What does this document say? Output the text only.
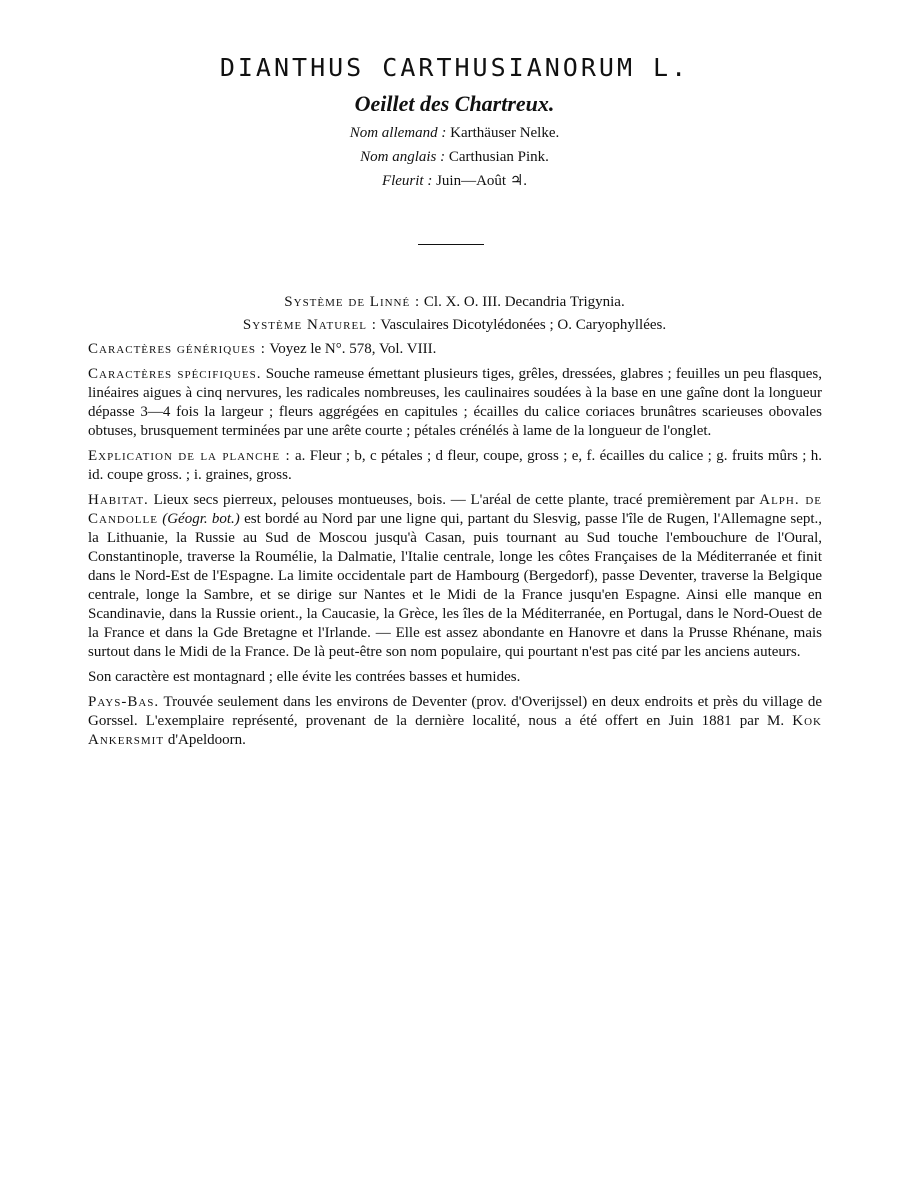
DIANTHUS CARTHUSIANORUM L.
Oeillet des Chartreux.
Nom allemand : Karthäuser Nelke.
Nom anglais : Carthusian Pink.
Fleurit : Juin—Août ♃.
Système de Linné : Cl. X. O. III. Decandria Trigynia.
Système Naturel : Vasculaires Dicotylédonées ; O. Caryophyllées.

Caractères génériques : Voyez le N°. 578, Vol. VIII.

Caractères spécifiques. Souche rameuse émettant plusieurs tiges, grêles, dressées, glabres ; feuilles un peu flasques, linéaires aigues à cinq nervures, les radicales nombreuses, les caulinaires soudées à la base en une gaîne dont la longueur dépasse 3—4 fois la largeur ; fleurs aggrégées en capitules ; écailles du calice coriaces brunâtres scarieuses obovales obtuses, brusquement terminées par une arête courte ; pétales crénélés à lame de la longueur de l'onglet.

Explication de la planche : a. Fleur ; b, c pétales ; d fleur, coupe, gross ; e, f. écailles du calice ; g. fruits mûrs ; h. id. coupe gross. ; i. graines, gross.

Habitat. Lieux secs pierreux, pelouses montueuses, bois. — L'aréal de cette plante, tracé premièrement par Alph. de Candolle (Géogr. bot.) est bordé au Nord par une ligne qui, partant du Slesvig, passe l'île de Rugen, l'Allemagne sept., la Lithuanie, la Russie au Sud de Moscou jusqu'à Casan, puis tournant au Sud touche l'embouchure de l'Oural, Constantinople, traverse la Roumélie, la Dalmatie, l'Italie centrale, longe les côtes Françaises de la Méditerranée et finit dans le Nord-Est de l'Espagne. La limite occidentale part de Hambourg (Bergedorf), passe Deventer, traverse la Belgique centrale, longe la Sambre, et se dirige sur Nantes et le Midi de la France jusqu'en Espagne. Ainsi elle manque en Scandinavie, dans la Russie orient., la Caucasie, la Grèce, les îles de la Méditerranée, en Portugal, dans le Nord-Ouest de la France et dans la Gde Bretagne et l'Irlande. — Elle est assez abondante en Hanovre et dans la Prusse Rhénane, mais surtout dans le Midi de la France. De là peut-être son nom populaire, qui pourtant n'est pas cité par les anciens auteurs.

Son caractère est montagnard ; elle évite les contrées basses et humides.

Pays-Bas. Trouvée seulement dans les environs de Deventer (prov. d'Overijssel) en deux endroits et près du village de Gorssel. L'exemplaire représenté, provenant de la dernière localité, nous a été offert en Juin 1881 par M. Kok Ankersmit d'Apeldoorn.
